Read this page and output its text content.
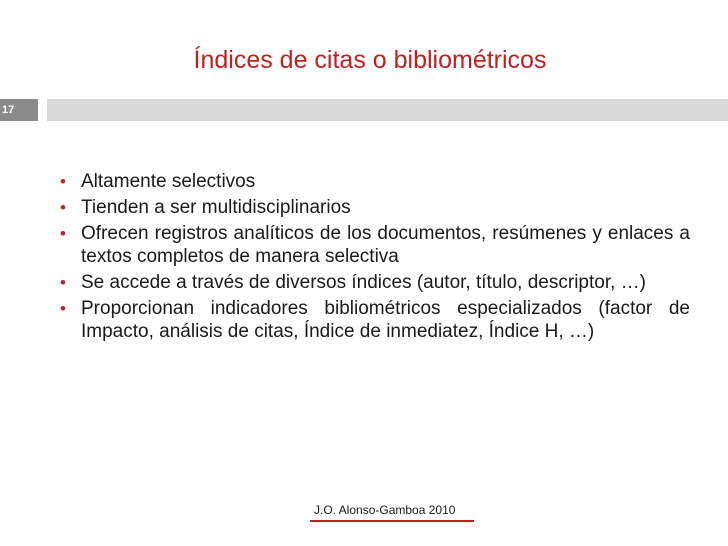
Índices de citas o bibliométricos
17
• Altamente selectivos
• Tienden a ser multidisciplinarios
• Ofrecen registros analíticos de los documentos, resúmenes y enlaces a textos completos de manera selectiva
• Se accede a través de diversos índices (autor, título, descriptor, …)
• Proporcionan indicadores bibliométricos especializados (factor de Impacto, análisis de citas, Índice de inmediatez, Índice H, …)
J.O. Alonso-Gamboa 2010
